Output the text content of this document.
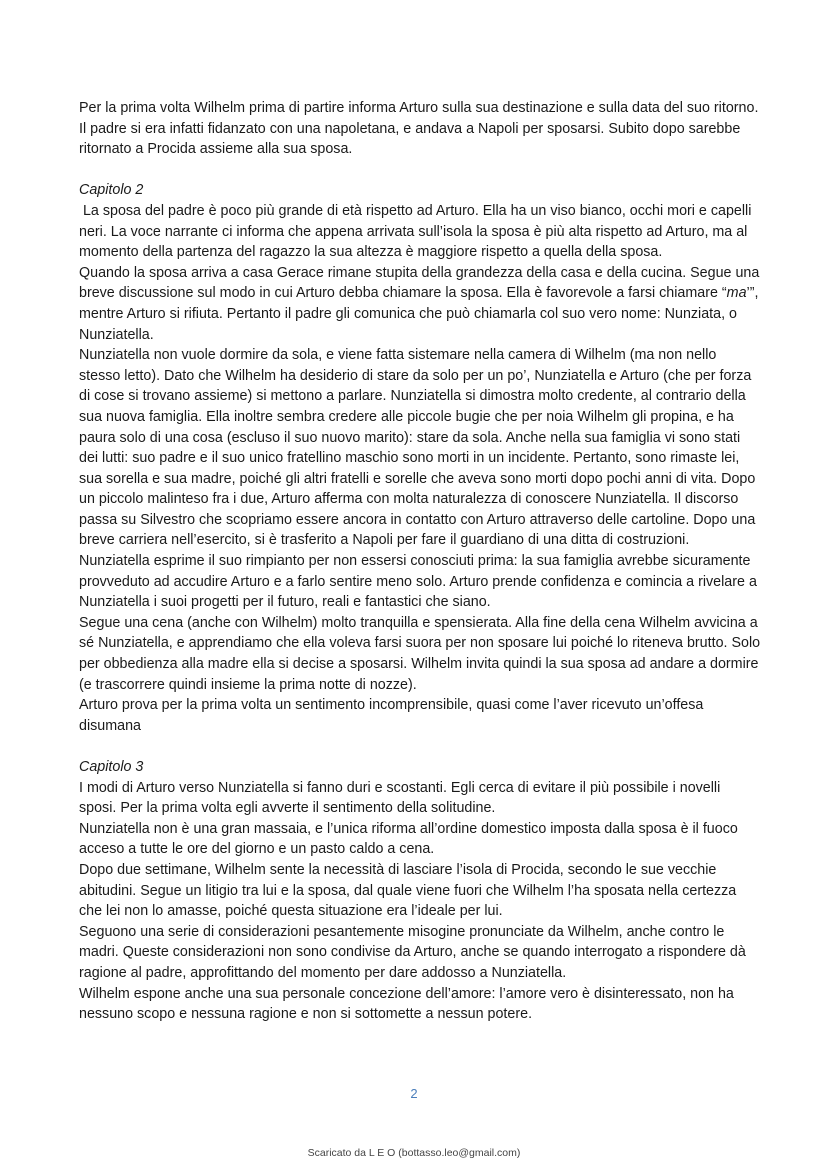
Per la prima volta Wilhelm prima di partire informa Arturo sulla sua destinazione e sulla data del suo ritorno. Il padre si era infatti fidanzato con una napoletana, e andava a Napoli per sposarsi. Subito dopo sarebbe ritornato a Procida assieme alla sua sposa.

Capitolo 2

La sposa del padre è poco più grande di età rispetto ad Arturo. Ella ha un viso bianco, occhi mori e capelli neri. La voce narrante ci informa che appena arrivata sull’isola la sposa è più alta rispetto ad Arturo, ma al momento della partenza del ragazzo la sua altezza è maggiore rispetto a quella della sposa.

Quando la sposa arriva a casa Gerace rimane stupita della grandezza della casa e della cucina. Segue una breve discussione sul modo in cui Arturo debba chiamare la sposa. Ella è favorevole a farsi chiamare “ma’”, mentre Arturo si rifiuta. Pertanto il padre gli comunica che può chiamarla col suo vero nome: Nunziata, o Nunziatella.

Nunziatella non vuole dormire da sola, e viene fatta sistemare nella camera di Wilhelm (ma non nello stesso letto). Dato che Wilhelm ha desiderio di stare da solo per un po’, Nunziatella e Arturo (che per forza di cose si trovano assieme) si mettono a parlare. Nunziatella si dimostra molto credente, al contrario della sua nuova famiglia. Ella inoltre sembra credere alle piccole bugie che per noia Wilhelm gli propina, e ha paura solo di una cosa (escluso il suo nuovo marito): stare da sola. Anche nella sua famiglia vi sono stati dei lutti: suo padre e il suo unico fratellino maschio sono morti in un incidente. Pertanto, sono rimaste lei, sua sorella e sua madre, poiché gli altri fratelli e sorelle che aveva sono morti dopo pochi anni di vita. Dopo un piccolo malinteso fra i due, Arturo afferma con molta naturalezza di conoscere Nunziatella. Il discorso passa su Silvestro che scopriamo essere ancora in contatto con Arturo attraverso delle cartoline. Dopo una breve carriera nell’esercito, si è trasferito a Napoli per fare il guardiano di una ditta di costruzioni.

Nunziatella esprime il suo rimpianto per non essersi conosciuti prima: la sua famiglia avrebbe sicuramente provveduto ad accudire Arturo e a farlo sentire meno solo. Arturo prende confidenza e comincia a rivelare a Nunziatella i suoi progetti per il futuro, reali e fantastici che siano.

Segue una cena (anche con Wilhelm) molto tranquilla e spensierata. Alla fine della cena Wilhelm avvicina a sé Nunziatella, e apprendiamo che ella voleva farsi suora per non sposare lui poiché lo riteneva brutto. Solo per obbedienza alla madre ella si decise a sposarsi. Wilhelm invita quindi la sua sposa ad andare a dormire (e trascorrere quindi insieme la prima notte di nozze).

Arturo prova per la prima volta un sentimento incomprensibile, quasi come l’aver ricevuto un’offesa disumana

Capitolo 3

I modi di Arturo verso Nunziatella si fanno duri e scostanti. Egli cerca di evitare il più possibile i novelli sposi. Per la prima volta egli avverte il sentimento della solitudine.

Nunziatella non è una gran massaia, e l’unica riforma all’ordine domestico imposta dalla sposa è il fuoco acceso a tutte le ore del giorno e un pasto caldo a cena.

Dopo due settimane, Wilhelm sente la necessità di lasciare l’isola di Procida, secondo le sue vecchie abitudini. Segue un litigio tra lui e la sposa, dal quale viene fuori che Wilhelm l’ha sposata nella certezza che lei non lo amasse, poiché questa situazione era l’ideale per lui.

Seguono una serie di considerazioni pesantemente misogine pronunciate da Wilhelm, anche contro le madri. Queste considerazioni non sono condivise da Arturo, anche se quando interrogato a rispondere dà ragione al padre, approfittando del momento per dare addosso a Nunziatella.

Wilhelm espone anche una sua personale concezione dell’amore: l’amore vero è disinteressato, non ha nessuno scopo e nessuna ragione e non si sottomette a nessun potere.

2
Scaricato da L E O (bottasso.leo@gmail.com)
